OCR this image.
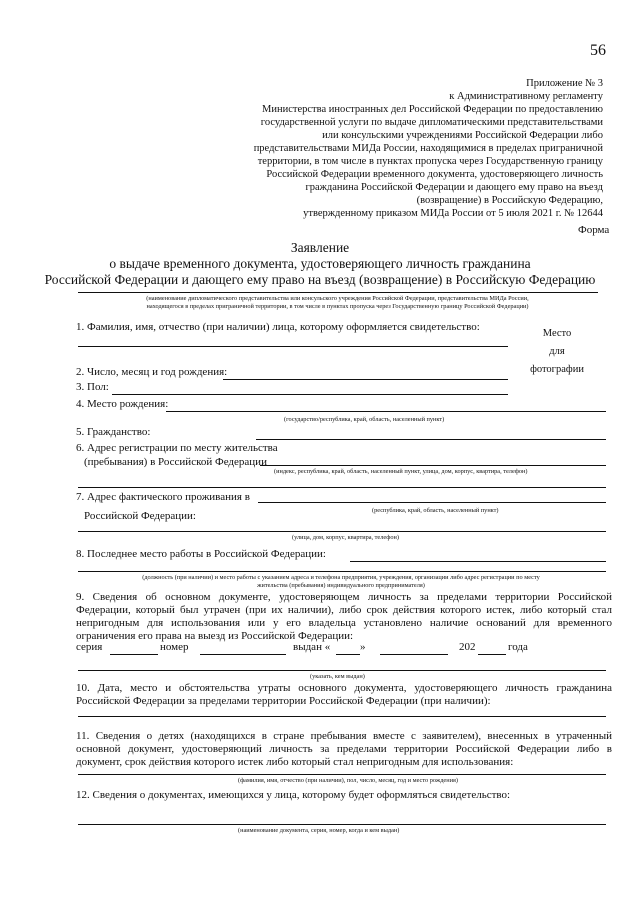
56
Приложение № 3
к Административному регламенту
Министерства иностранных дел Российской Федерации по предоставлению
государственной услуги по выдаче дипломатическими представительствами
или консульскими учреждениями Российской Федерации либо
представительствами МИДа России, находящимися в пределах приграничной
территории, в том числе в пунктах пропуска через Государственную границу
Российской Федерации временного документа, удостоверяющего личность
гражданина Российской Федерации и дающего ему право на въезд
(возвращение) в Российскую Федерацию,
утвержденному приказом МИДа России от 5 июля 2021 г. № 12644
Форма
Заявление
о выдаче временного документа, удостоверяющего личность гражданина
Российской Федерации и дающего ему право на въезд (возвращение) в Российскую Федерацию
(наименование дипломатического представительства или консульского учреждения Российской Федерации, представительства МИДа России,
находящегося в пределах приграничной территории, в том числе в пунктах пропуска через Государственную границу Российской Федерации)
Место
для
фотографии
1. Фамилия, имя, отчество (при наличии) лица, которому оформляется свидетельство:
2. Число, месяц и год рождения:
3. Пол:
4. Место рождения:
(государство/республика, край, область, населенный пункт)
5. Гражданство:
6. Адрес регистрации по месту жительства
(пребывания) в Российской Федерации
(индекс, республика, край, область, населенный пункт, улица, дом, корпус, квартира, телефон)
7. Адрес фактического проживания в
(республика, край, область, населенный пункт)
Российской Федерации:
(улица, дом, корпус, квартира, телефон)
8. Последнее место работы в Российской Федерации:
(должность (при наличии) и место работы с указанием адреса и телефона предприятия, учреждения, организации либо адрес регистрации по месту
жительства (пребывания) индивидуального предпринимателя)
9. Сведения об основном документе, удостоверяющем личность за пределами территории Российской Федерации, который был утрачен (при их наличии), либо срок действия которого истек, либо который стал непригодным для использования или у его владельца установлено наличие оснований для временного ограничения его права на выезд из Российской Федерации:
серия	номер	выдан «	»	202	года
(указать, кем выдан)
10. Дата, место и обстоятельства утраты основного документа, удостоверяющего личность гражданина Российской Федерации за пределами территории Российской Федерации (при наличии):
11. Сведения о детях (находящихся в стране пребывания вместе с заявителем), внесенных в утраченный основной документ, удостоверяющий личность за пределами территории Российской Федерации либо в документ, срок действия которого истек либо который стал непригодным для использования:
(фамилия, имя, отчество (при наличии), пол, число, месяц, год и место рождения)
12. Сведения о документах, имеющихся у лица, которому будет оформляться свидетельство:
(наименование документа, серия, номер, когда и кем выдан)
